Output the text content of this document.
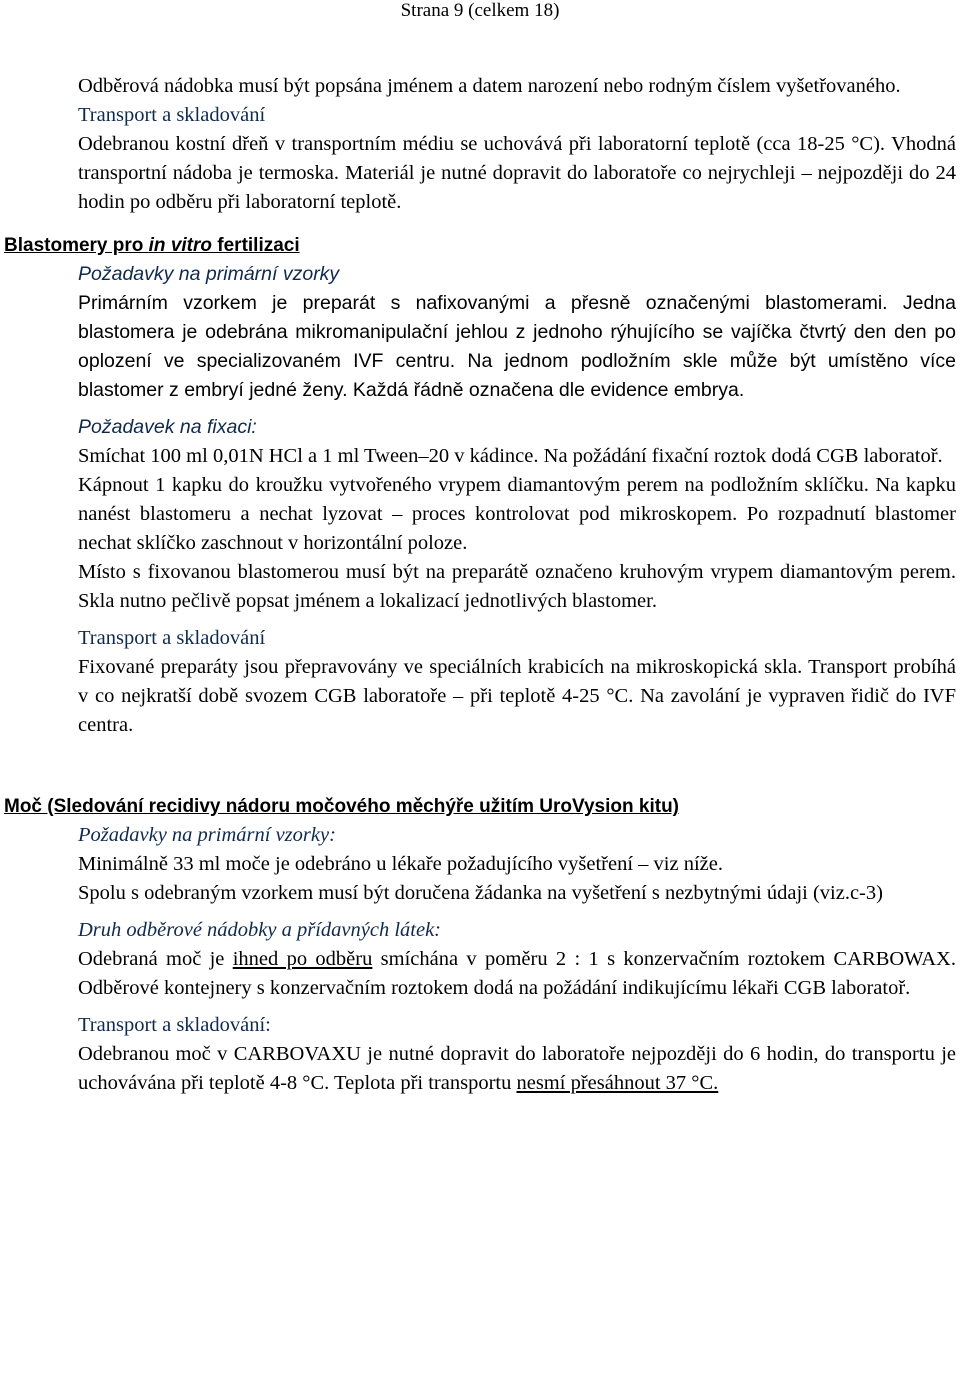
Strana 9 (celkem 18)

Odběrová nádobka musí být popsána jménem a datem narození nebo rodným číslem vyšetřovaného.

Transport a skladování

Odebranou kostní dřeň v transportním médiu se uchovává při laboratorní teplotě (cca 18-25 °C). Vhodná transportní nádoba je termoska. Materiál je nutné dopravit do laboratoře co nejrychleji – nejpozději do 24 hodin po odběru při laboratorní teplotě.

Blastomery pro in vitro fertilizaci

Požadavky na primární vzorky

Primárním vzorkem je preparát s nafixovanými a přesně označenými blastomerami. Jedna blastomera je odebrána mikromanipulační jehlou z jednoho rýhujícího se vajíčka čtvrtý den den po oplození ve specializovaném IVF centru. Na jednom podložním skle může být umístěno více blastomer z embryí jedné ženy. Každá řádně označena dle evidence embrya.

Požadavek na fixaci:

Smíchat 100 ml 0,01N HCl a 1 ml Tween–20 v kádince. Na požádání fixační roztok dodá CGB laboratoř.

Kápnout 1 kapku do kroužku vytvořeného vrypem diamantovým perem na podložním sklíčku. Na kapku nanést blastomeru a nechat lyzovat – proces kontrolovat pod mikroskopem. Po rozpadnutí blastomer nechat sklíčko zaschnout v horizontální poloze.

Místo s fixovanou blastomerou musí být na preparátě označeno kruhovým vrypem diamantovým perem. Skla nutno pečlivě popsat jménem a lokalizací jednotlivých blastomer.

Transport a skladování

Fixované preparáty jsou přepravovány ve speciálních krabicích na mikroskopická skla. Transport probíhá v co nejkratší době svozem CGB laboratoře – při teplotě 4-25 °C. Na zavolání je vypraven řidič do IVF centra.

Moč (Sledování recidivy nádoru močového měchýře užitím UroVysion kitu)

Požadavky na primární vzorky:

Minimálně 33 ml moče je odebráno u lékaře požadujícího vyšetření – viz níže.

Spolu s odebraným vzorkem musí být doručena žádanka na vyšetření s nezbytnými údaji (viz.c-3)

Druh odběrové nádobky a přídavných látek:

Odebraná moč je ihned po odběru smíchána v poměru 2 : 1 s konzervačním roztokem CARBOWAX. Odběrové kontejnery s konzervačním roztokem dodá na požádání indikujícímu lékaři CGB laboratoř.

Transport a skladování:

Odebranou moč v CARBOVAXU je nutné dopravit do laboratoře nejpozději do 6 hodin, do transportu je uchovávána při teplotě 4-8 °C. Teplota při transportu nesmí přesáhnout 37 °C.
